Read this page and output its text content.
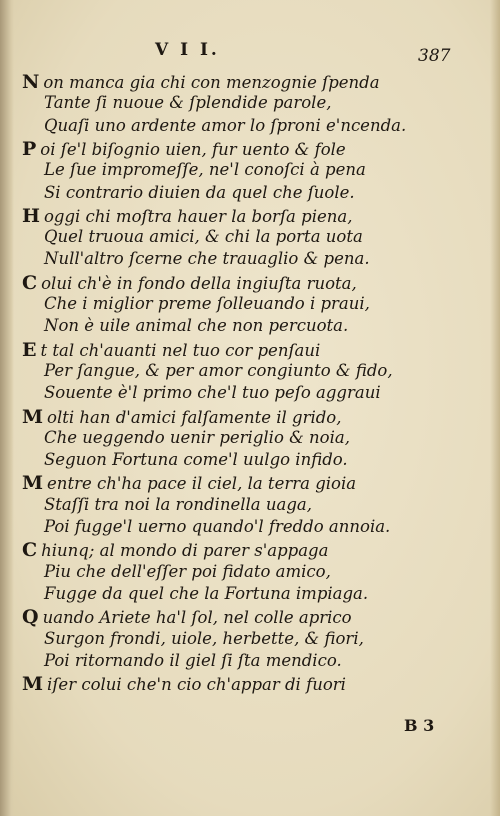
V I I.	387
N on manca gia chi con menzognie ſpenda
Tante ſi nuoue & ſplendide parole,
Quaſi uno ardente amor lo ſproni e'ncenda.
P oi ſe'l biſognio uien, fur uento & fole
Le ſue impromeſſe, ne'l conoſci à pena
Si contrario diuien da quel che ſuole.
H oggi chi moſtra hauer la borſa piena,
Quel truoua amici, & chi la porta uota
Null'altro ſcerne che trauaglio & pena.
C olui ch'è in fondo della ingiuſta ruota,
Che i miglior preme ſolleuando i praui,
Non è uile animal che non percuota.
E t tal ch'auanti nel tuo cor penſaui
Per ſangue, & per amor congiunto & fido,
Souente è'l primo che'l tuo peſo aggraui
M olti han d'amici falſamente il grido,
Che ueggendo uenir periglio & noia,
Seguon Fortuna come'l uulgo infido.
M entre ch'ha pace il ciel, la terra gioia
Staſſi tra noi la rondinella uaga,
Poi fugge'l uerno quando'l freddo annoia.
C hiunq; al mondo di parer s'appaga
Piu che dell'eſſer poi fidato amico,
Fugge da quel che la Fortuna impiaga.
Q uando Ariete ha'l ſol, nel colle aprico
Surgon frondi, uiole, herbette, & fiori,
Poi ritornando il giel ſi ſta mendico.
M iſer colui che'n cio ch'appar di fuori
B 3
